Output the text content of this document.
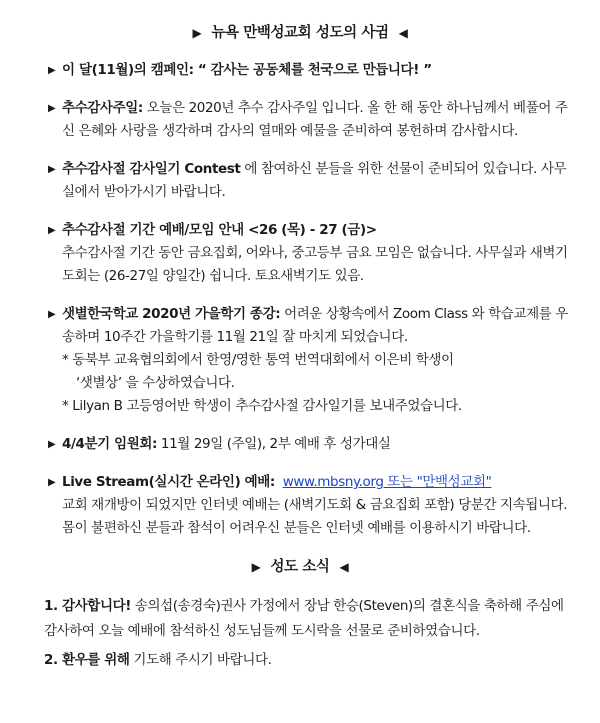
▶ 뉴욕 만백성교회 성도의 사귐 ◀
▶ 이 달(11월)의 캠페인: “ 감사는 공동체를 천국으로 만듭니다! ”
▶ 추수감사주일: 오늘은 2020년 추수 감사주일 입니다. 올 한 해 동안 하나님께서 베풀어 주신 은혜와 사랑을 생각하며 감사의 열매와 예물을 준비하여 봉헌하며 감사합시다.
▶ 추수감사절 감사일기 Contest 에 참여하신 분들을 위한 선물이 준비되어 있습니다. 사무실에서 받아가시기 바랍니다.
▶ 추수감사절 기간 예배/모임 안내 <26 (목) - 27 (금)>
추수감사절 기간 동안 금요집회, 어와나, 중고등부 금요 모임은 없습니다. 사무실과 새벽기도회는 (26-27일 양일간) 쉽니다. 토요새벽기도 있음.
▶ 샛별한국학교 2020년 가을학기 종강: 어려운 상황속에서 Zoom Class 와 학습교제를 우송하며 10주간 가을학기를 11월 21일 잘 마치게 되었습니다.
* 동북부 교육협의회에서 한영/영한 통역 번역대회에서 이은비 학생이
‘샛별상’ 을 수상하였습니다.
* Lilyan B 고등영어반 학생이 추수감사절 감사일기를 보내주었습니다.
▶ 4/4분기 임원회: 11월 29일 (주일), 2부 예배 후 성가대실
▶ Live Stream(실시간 온라인) 예배: www.mbsny.org 또는 "만백성교회"
교회 재개방이 되었지만 인터넷 예배는 (새벽기도회 & 금요집회 포함) 당분간 지속됩니다. 몸이 불편하신 분들과 참석이 어려우신 분들은 인터넷 예배를 이용하시기 바랍니다.
▶ 성도 소식 ◀

1. 감사합니다! 송의섭(송경숙)권사 가정에서 장남 한승(Steven)의 결혼식을 축하해 주심에 감사하여 오늘 예배에 참석하신 성도님들께 도시락을 선물로 준비하였습니다.

2. 환우를 위해 기도해 주시기 바랍니다.
